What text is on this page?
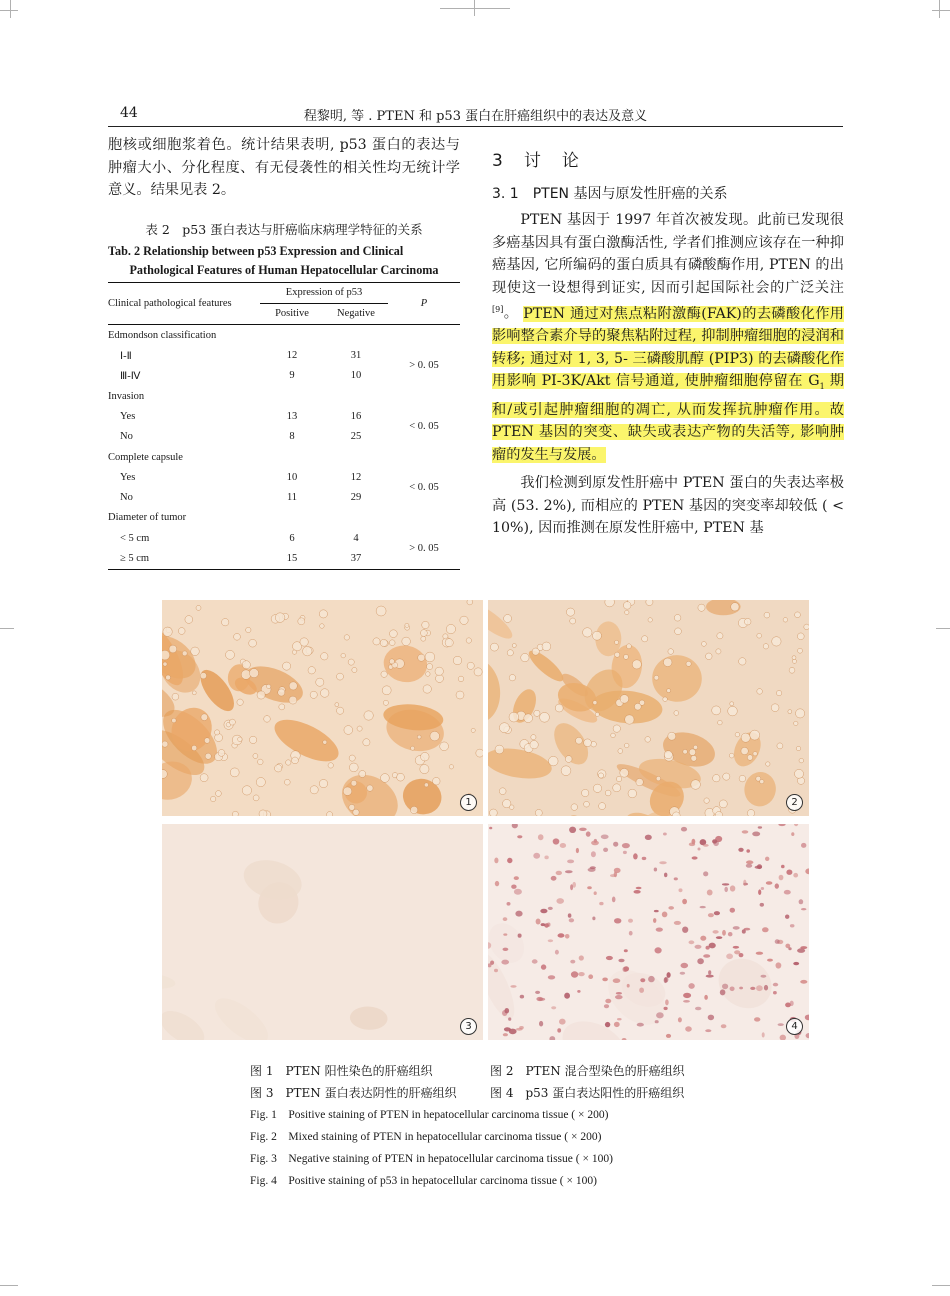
44	程黎明, 等 . PTEN 和 p53 蛋白在肝癌组织中的表达及意义

胞核或细胞浆着色。统计结果表明, p53 蛋白的表达与肿瘤大小、分化程度、有无侵袭性的相关性均无统计学意义。结果见表 2。

表 2　p53 蛋白表达与肝癌临床病理学特征的关系

Tab. 2 Relationship between p53 Expression and Clinical

Pathological Features of Human Hepatocellular Carcinoma

Clinical pathological features	Expression of p53		P
	Positive	Negative	

Edmondson classification			
Ⅰ-Ⅱ	12	31	> 0. 05
Ⅲ-Ⅳ	9	10	
Invasion			
Yes	13	16	< 0. 05
No	8	25	
Complete capsule			
Yes	10	12	< 0. 05
No	11	29	
Diameter of tumor			
< 5 cm	6	4	> 0. 05
≥ 5 cm	15	37	
3　讨　论
3. 1　PTEN 基因与原发性肝癌的关系

PTEN 基因于 1997 年首次被发现。此前已发现很多癌基因具有蛋白激酶活性, 学者们推测应该存在一种抑癌基因, 它所编码的蛋白质具有磷酸酶作用, PTEN 的出现使这一设想得到证实, 因而引起国际社会的广泛关注[9]。 PTEN 通过对焦点粘附激酶(FAK)的去磷酸化作用影响整合素介导的聚焦粘附过程, 抑制肿瘤细胞的浸润和转移; 通过对 1, 3, 5- 三磷酸肌醇 (PIP3) 的去磷酸化作用影响 PI-3K/Akt 信号通道, 使肿瘤细胞停留在 $G_1$ 期和/或引起肿瘤细胞的凋亡, 从而发挥抗肿瘤作用。故 PTEN 基因的突变、缺失或表达产物的失活等, 影响肿瘤的发生与发展。

我们检测到原发性肝癌中 PTEN 蛋白的失表达率极高 (53. 2%), 而相应的 PTEN 基因的突变率却较低 ( < 10%), 因而推测在原发性肝癌中, PTEN 基

1	2
3	4
图 1　PTEN 阳性染色的肝癌组织	图 2　PTEN 混合型染色的肝癌组织
图 3　PTEN 蛋白表达阴性的肝癌组织	图 4　p53 蛋白表达阳性的肝癌组织
Fig. 1　Positive staining of PTEN in hepatocellular carcinoma tissue ( × 200)
Fig. 2　Mixed staining of PTEN in hepatocellular carcinoma tissue ( × 200)
Fig. 3　Negative staining of PTEN in hepatocellular carcinoma tissue ( × 100)
Fig. 4　Positive staining of p53 in hepatocellular carcinoma tissue ( × 100)
